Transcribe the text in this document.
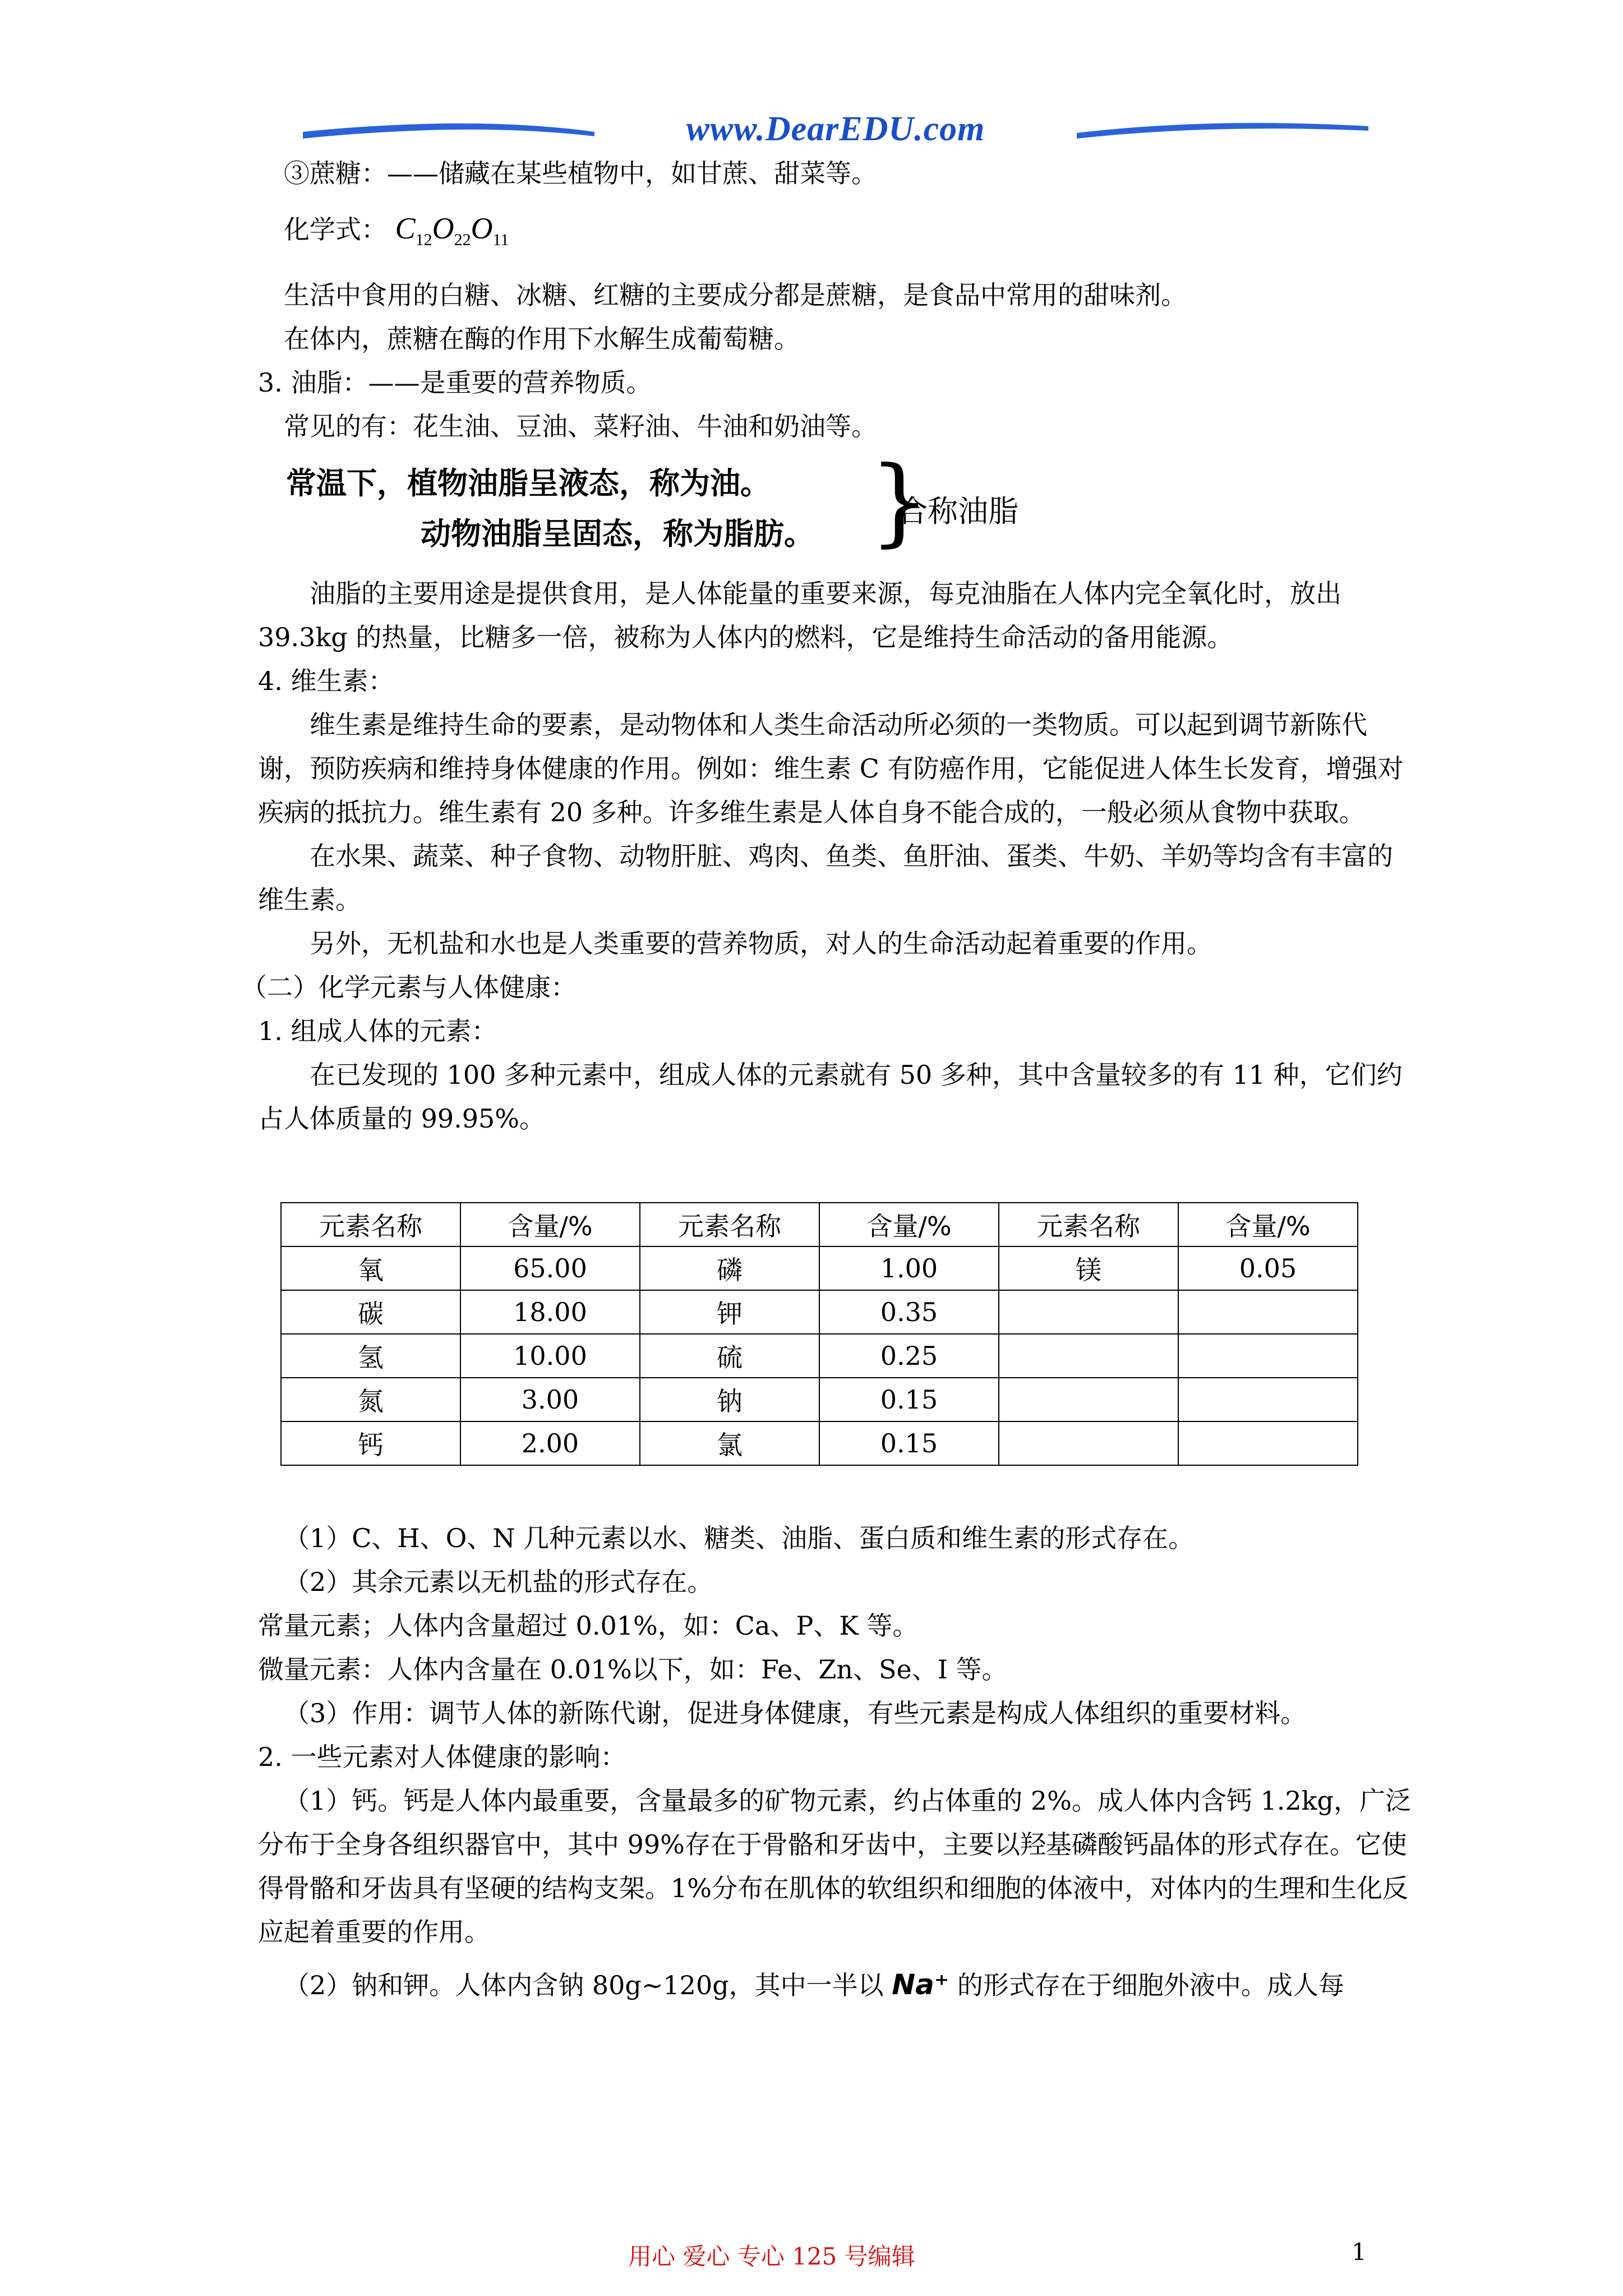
www.DearEDU.com

③蔗糖：——储藏在某些植物中，如甘蔗、甜菜等。

化学式： $C_{12}O_{22}O_{11}$

生活中食用的白糖、冰糖、红糖的主要成分都是蔗糖，是食品中常用的甜味剂。

在体内，蔗糖在酶的作用下水解生成葡萄糖。

3. 油脂：——是重要的营养物质。

常见的有：花生油、豆油、菜籽油、牛油和奶油等。

常温下，植物油脂呈液态，称为油。
动物油脂呈固态，称为脂肪。 }
合称油脂

油脂的主要用途是提供食用，是人体能量的重要来源，每克油脂在人体内完全氧化时，放出 39.3kg 的热量，比糖多一倍，被称为人体内的燃料，它是维持生命活动的备用能源。

4. 维生素：

维生素是维持生命的要素，是动物体和人类生命活动所必须的一类物质。可以起到调节新陈代谢，预防疾病和维持身体健康的作用。例如：维生素 C 有防癌作用，它能促进人体生长发育，增强对疾病的抵抗力。维生素有 20 多种。许多维生素是人体自身不能合成的，一般必须从食物中获取。

在水果、蔬菜、种子食物、动物肝脏、鸡肉、鱼类、鱼肝油、蛋类、牛奶、羊奶等均含有丰富的维生素。

另外，无机盐和水也是人类重要的营养物质，对人的生命活动起着重要的作用。

（二）化学元素与人体健康：

1. 组成人体的元素：

在已发现的 100 多种元素中，组成人体的元素就有 50 多种，其中含量较多的有 11 种，它们约占人体质量的 99.95%。

元素名称	含量/%	元素名称	含量/%	元素名称	含量/%
氧	65.00	磷	1.00	镁	0.05
碳	18.00	钾	0.35		
氢	10.00	硫	0.25		
氮	3.00	钠	0.15		
钙	2.00	氯	0.15		

（1）C、H、O、N 几种元素以水、糖类、油脂、蛋白质和维生素的形式存在。

（2）其余元素以无机盐的形式存在。

常量元素；人体内含量超过 0.01%，如：Ca、P、K 等。

微量元素：人体内含量在 0.01%以下，如：Fe、Zn、Se、I 等。

（3）作用：调节人体的新陈代谢，促进身体健康，有些元素是构成人体组织的重要材料。

2. 一些元素对人体健康的影响：

（1）钙。钙是人体内最重要，含量最多的矿物元素，约占体重的 2%。成人体内含钙 1.2kg，广泛分布于全身各组织器官中，其中 99%存在于骨骼和牙齿中，主要以羟基磷酸钙晶体的形式存在。它使得骨骼和牙齿具有坚硬的结构支架。1%分布在肌体的软组织和细胞的体液中，对体内的生理和生化反应起着重要的作用。

（2）钠和钾。人体内含钠 80g~120g，其中一半以 Na⁺ 的形式存在于细胞外液中。成人每

用心 爱心 专心 125 号编辑	1
